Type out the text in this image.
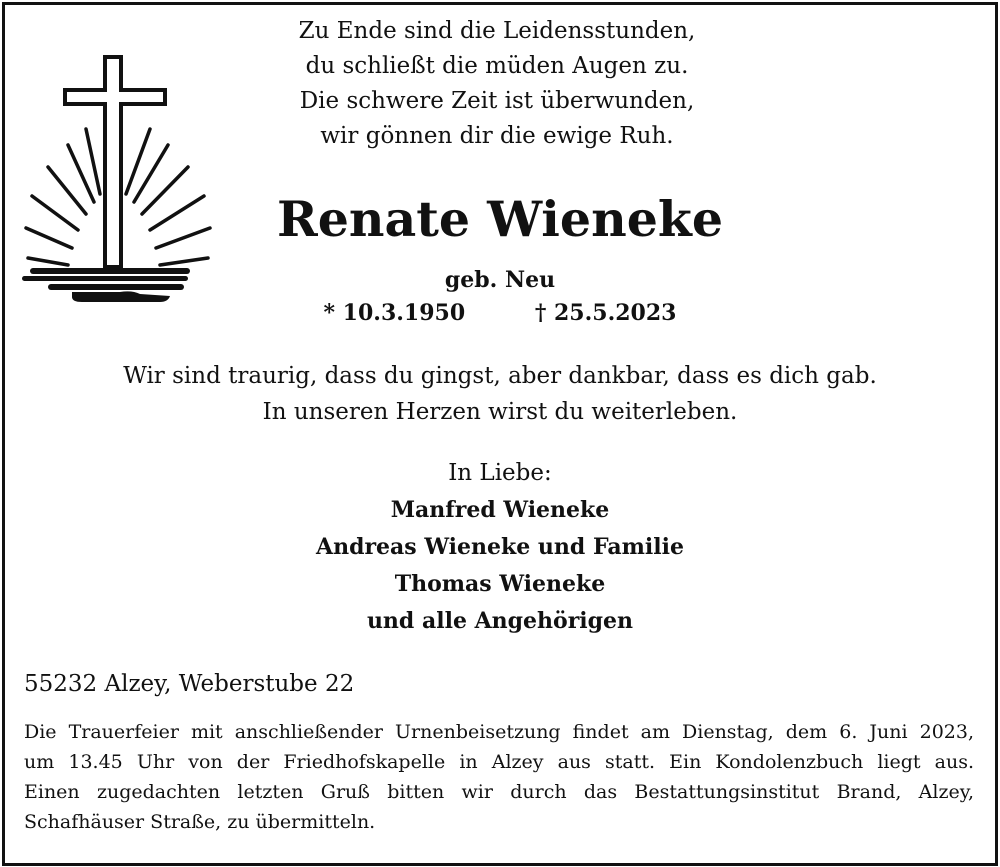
Zu Ende sind die Leidensstunden,
du schließt die müden Augen zu.
Die schwere Zeit ist überwunden,
wir gönnen dir die ewige Ruh.
Renate Wieneke
geb. Neu
* 10.3.1950	† 25.5.2023
Wir sind traurig, dass du gingst, aber dankbar, dass es dich gab.
In unseren Herzen wirst du weiterleben.
In Liebe:
Manfred Wieneke
Andreas Wieneke und Familie
Thomas Wieneke
und alle Angehörigen
55232 Alzey, Weberstube 22
Die Trauerfeier mit anschließender Urnenbeisetzung findet am Dienstag, dem 6. Juni 2023,
um 13.45 Uhr von der Friedhofskapelle in Alzey aus statt. Ein Kondolenzbuch liegt aus.
Einen zugedachten letzten Gruß bitten wir durch das Bestattungsinstitut Brand, Alzey,
Schafhäuser Straße, zu übermitteln.
